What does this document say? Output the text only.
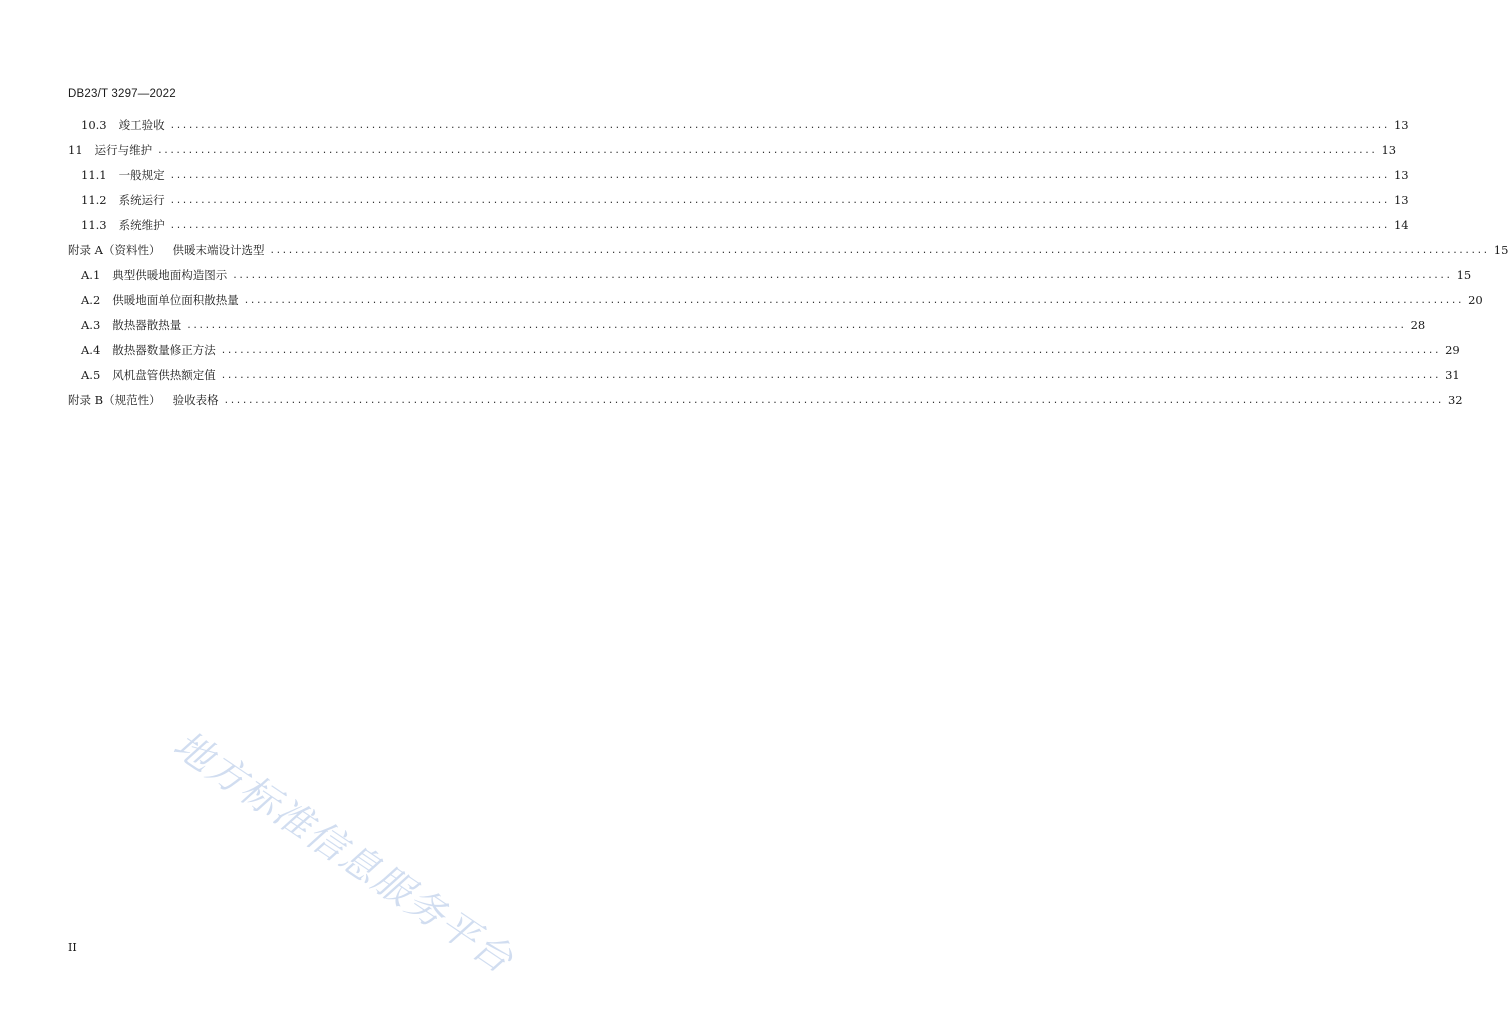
DB23/T 3297—2022
10.3 竣工验收 ........................................................................................................................................................................................................ 13
11 运行与维护 ........................................................................................................................................................................................................ 13
11.1 一般规定 ........................................................................................................................................................................................................ 13
11.2 系统运行 ........................................................................................................................................................................................................ 13
11.3 系统维护 ........................................................................................................................................................................................................ 14
附录 A（资料性） 供暖末端设计选型 ........................................................................................................................................................................................................ 15
A.1 典型供暖地面构造图示 ........................................................................................................................................................................................................ 15
A.2 供暖地面单位面积散热量 ........................................................................................................................................................................................................ 20
A.3 散热器散热量 ........................................................................................................................................................................................................ 28
A.4 散热器数量修正方法 ........................................................................................................................................................................................................ 29
A.5 风机盘管供热额定值 ........................................................................................................................................................................................................ 31
附录 B（规范性） 验收表格 ........................................................................................................................................................................................................ 32
地方标准信息服务平台
II
